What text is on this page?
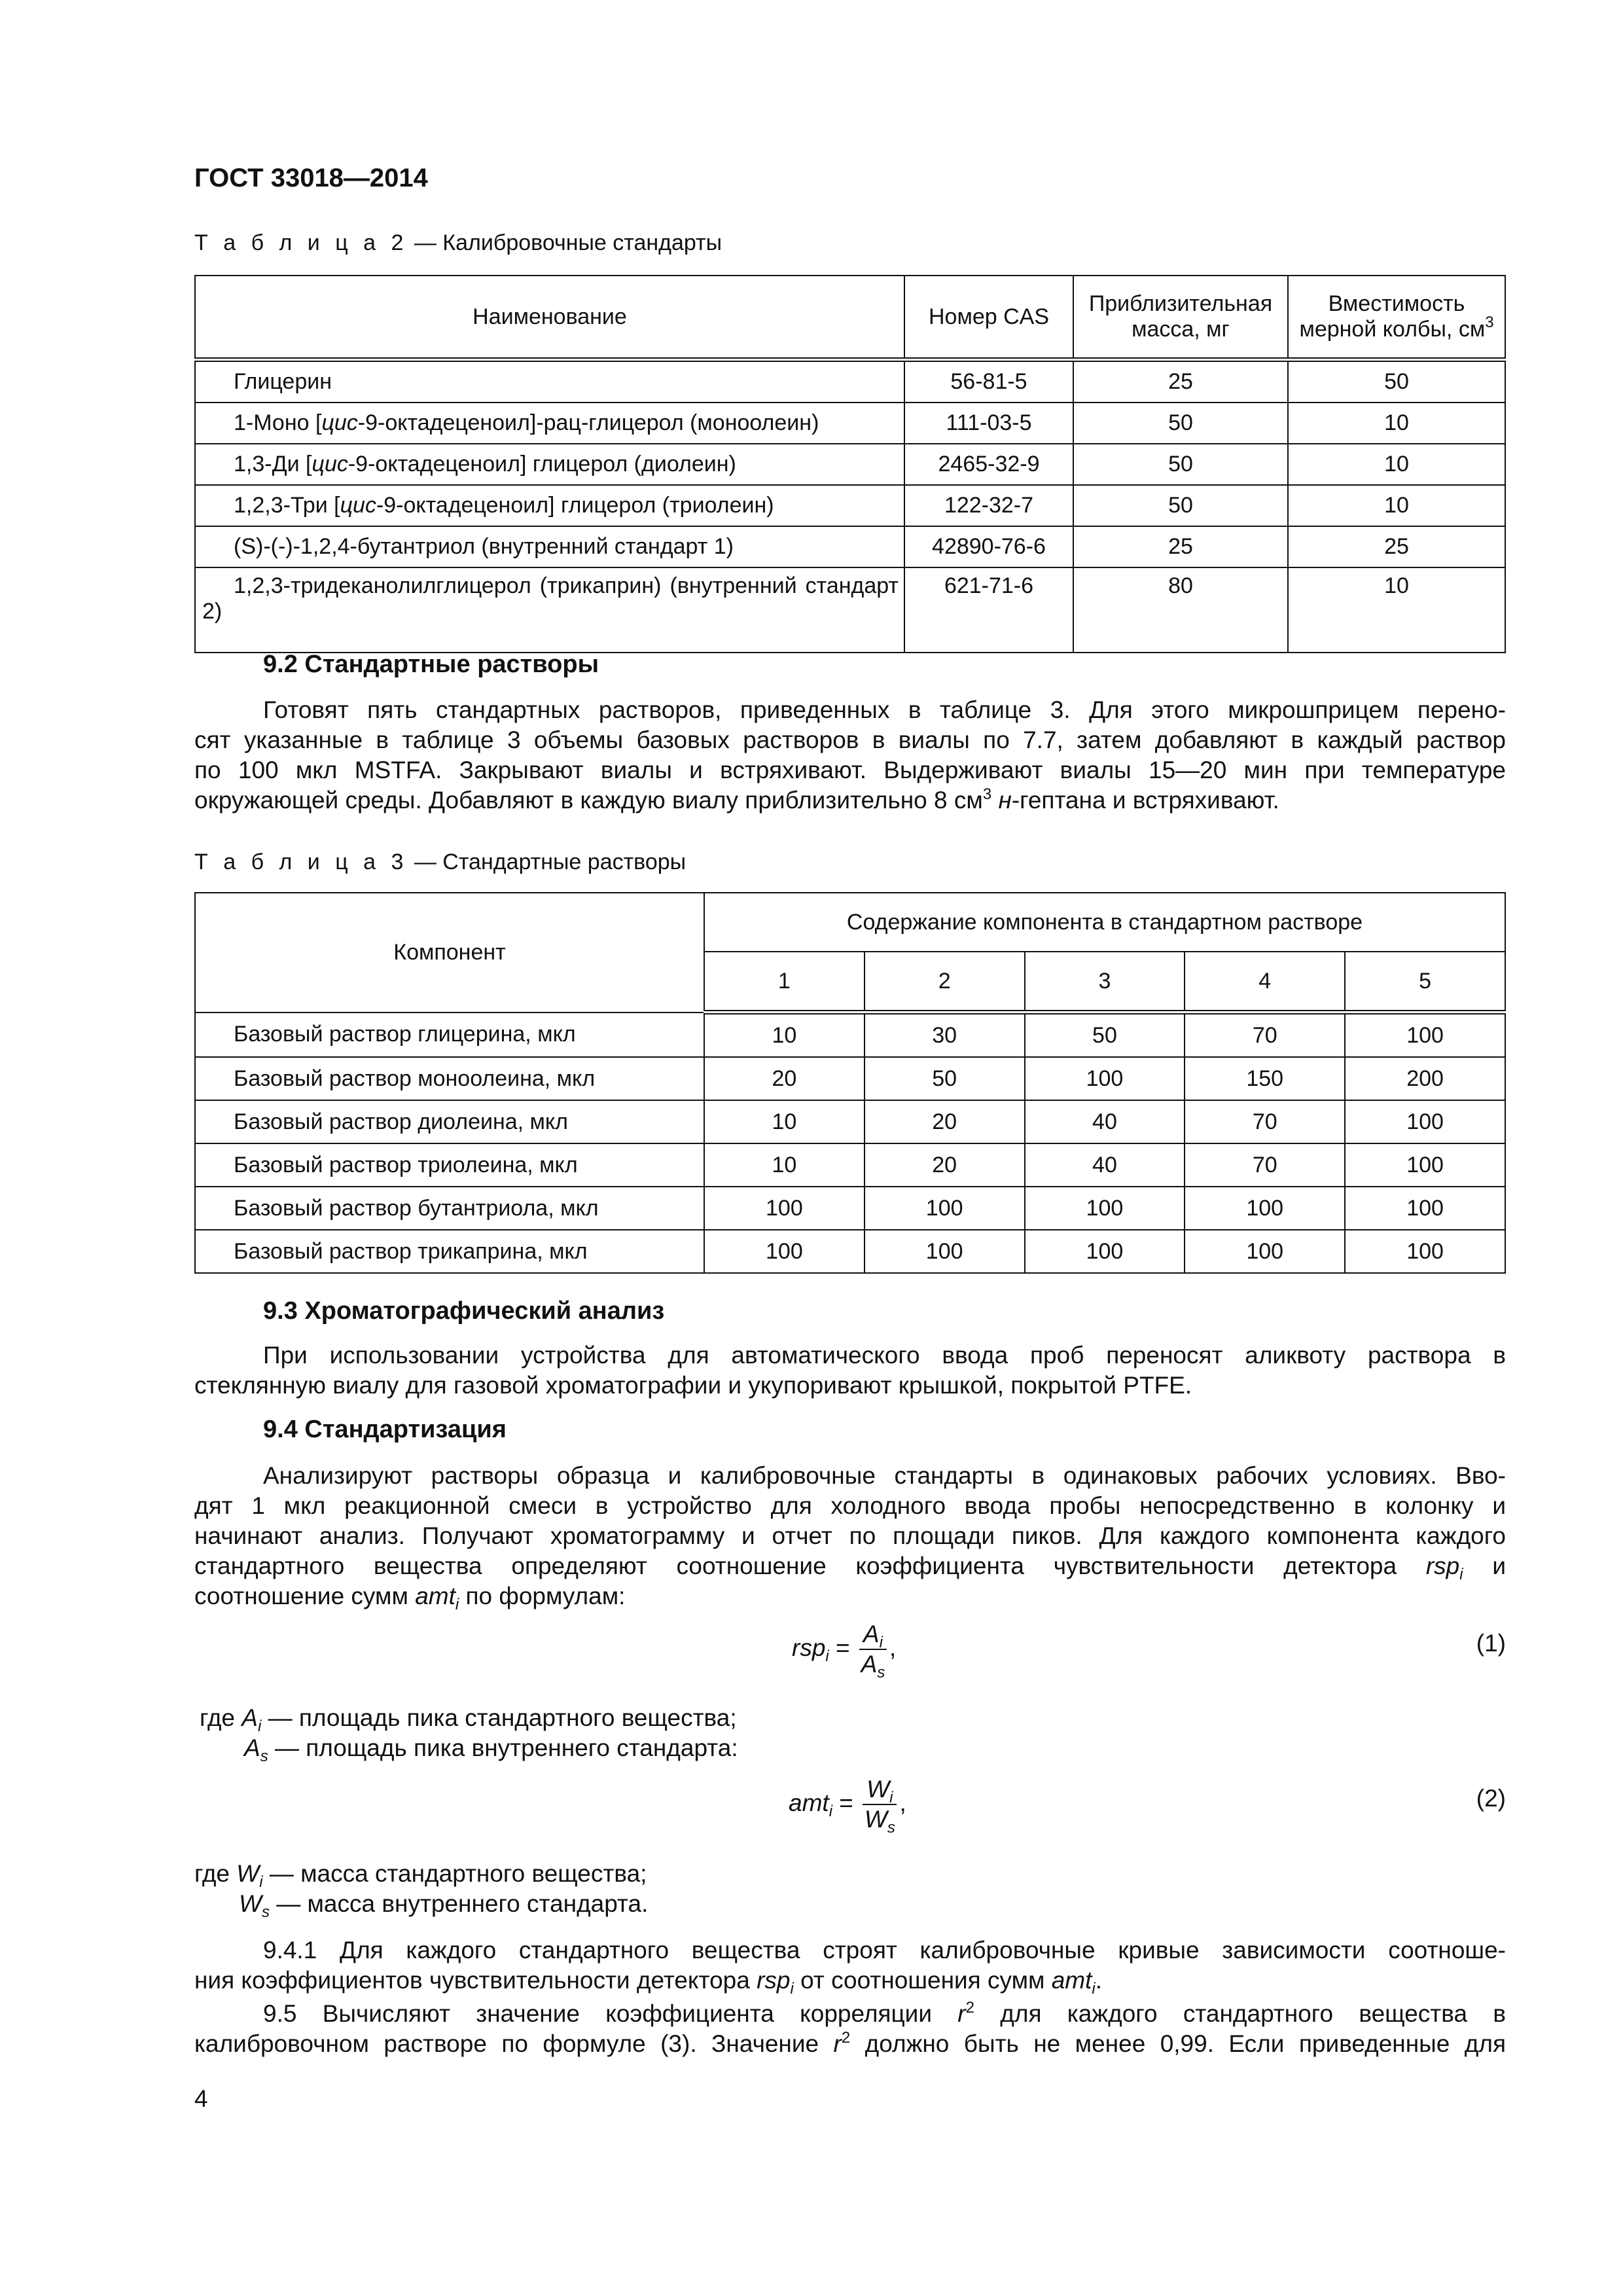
ГОСТ 33018—2014
Т а б л и ц а 2 — Калибровочные стандарты
Наименование	Номер CAS	Приблизительная масса, мг	Вместимость мерной колбы, $см^3$

Глицерин	56-81-5	25	50

1-Моно [цис-9-октадеценоил]-рац-глицерол (моноолеин)	111-03-5	50	10

1,3-Ди [цис-9-октадеценоил] глицерол (диолеин)	2465-32-9	50	10

1,2,3-Три [цис-9-октадеценоил] глицерол (триолеин)	122-32-7	50	10

(S)-(-)-1,2,4-бутантриол (внутренний стандарт 1)	42890-76-6	25	25

1,2,3-тридеканолилглицерол (трикаприн) (внутренний стандарт 2)	621-71-6	80	10
9.2 Стандартные растворы
Готовят пять стандартных растворов, приведенных в таблице 3. Для этого микрошприцем перено-
сят указанные в таблице 3 объемы базовых растворов в виалы по 7.7, затем добавляют в каждый раствор
по 100 мкл MSTFA. Закрывают виалы и встряхивают. Выдерживают виалы 15—20 мин при температуре
окружающей среды. Добавляют в каждую виалу приблизительно 8 $см^3$ н-гептана и встряхивают.
Т а б л и ц а 3 — Стандартные растворы
Компонент	Содержание компонента в стандартном растворе				
	1	2	3	4	5
Базовый раствор глицерина, мкл	10	30	50	70	100
Базовый раствор моноолеина, мкл	20	50	100	150	200
Базовый раствор диолеина, мкл	10	20	40	70	100
Базовый раствор триолеина, мкл	10	20	40	70	100
Базовый раствор бутантриола, мкл	100	100	100	100	100
Базовый раствор трикаприна, мкл	100	100	100	100	100
9.3 Хроматографический анализ
При использовании устройства для автоматического ввода проб переносят аликвоту раствора в
стеклянную виалу для газовой хроматографии и укупоривают крышкой, покрытой PTFE.
9.4 Стандартизация
Анализируют растворы образца и калибровочные стандарты в одинаковых рабочих условиях. Вво-
дят 1 мкл реакционной смеси в устройство для холодного ввода пробы непосредственно в колонку и
начинают анализ. Получают хроматограмму и отчет по площади пиков. Для каждого компонента каждого
стандартного вещества определяют соотношение коэффициента чувствительности детектора rsp$_i$ и
соотношение сумм amt$_i$ по формулам:
$rsp_i = \frac{A_i}{A_s}$ ,	(1)
где $A_i$ — площадь пика стандартного вещества;
$A_s$ — площадь пика внутреннего стандарта:
$amt_i = \frac{W_i}{W_s}$ ,	(2)
где $W_i$ — масса стандартного вещества;
$W_s$ — масса внутреннего стандарта.
9.4.1 Для каждого стандартного вещества строят калибровочные кривые зависимости соотноше-
ния коэффициентов чувствительности детектора rsp$_i$ от соотношения сумм amt$_i$.
9.5 Вычисляют значение коэффициента корреляции $r^2$ для каждого стандартного вещества в
калибровочном растворе по формуле (3). Значение $r^2$ должно быть не менее 0,99. Если приведенные для
4
